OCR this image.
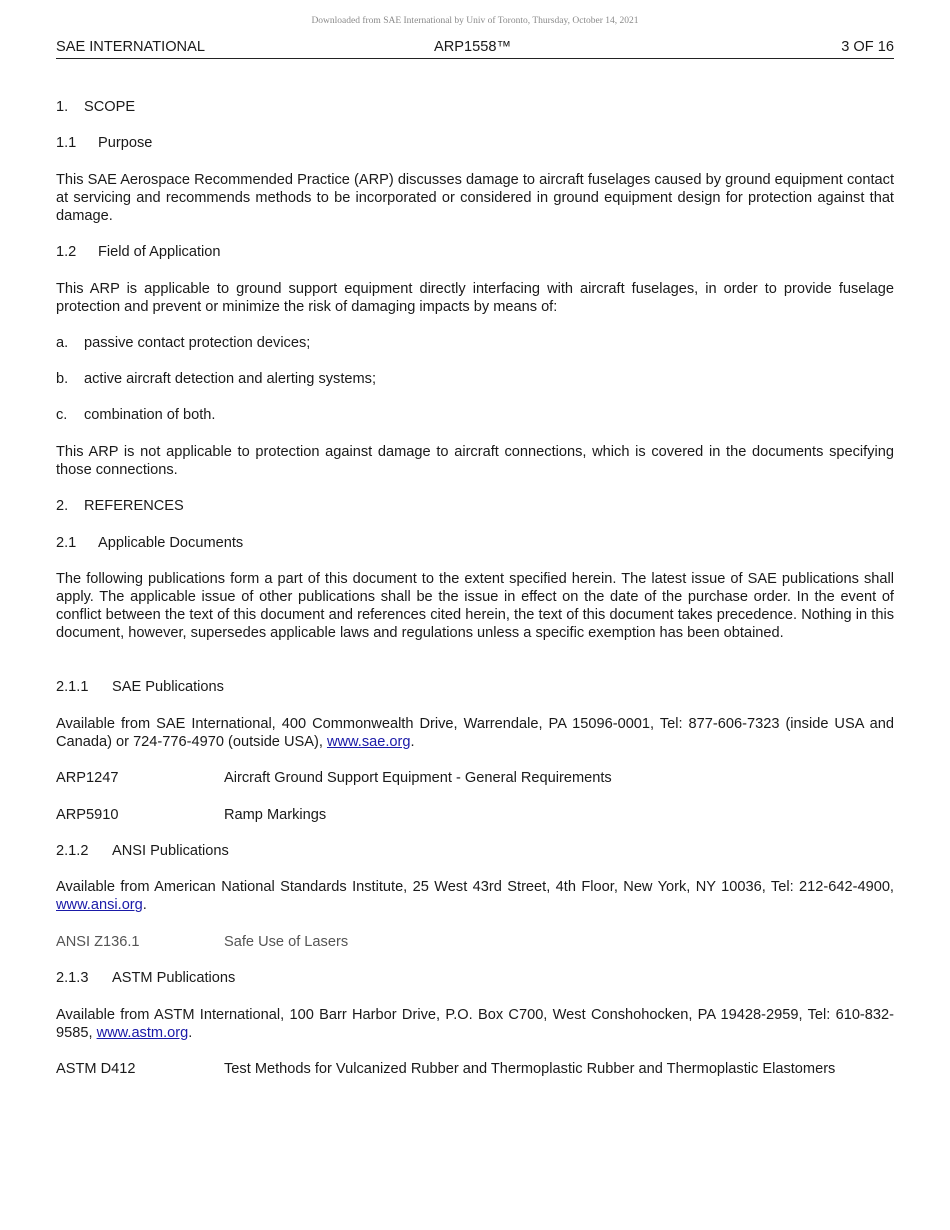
Downloaded from SAE International by Univ of Toronto, Thursday, October 14, 2021
SAE INTERNATIONAL	ARP1558™	3 OF 16
1. SCOPE
1.1 Purpose

This SAE Aerospace Recommended Practice (ARP) discusses damage to aircraft fuselages caused by ground equipment contact at servicing and recommends methods to be incorporated or considered in ground equipment design for protection against that damage.

1.2 Field of Application

This ARP is applicable to ground support equipment directly interfacing with aircraft fuselages, in order to provide fuselage protection and prevent or minimize the risk of damaging impacts by means of:

a. passive contact protection devices;
b. active aircraft detection and alerting systems;
c. combination of both.

This ARP is not applicable to protection against damage to aircraft connections, which is covered in the documents specifying those connections.

2. REFERENCES
2.1 Applicable Documents

The following publications form a part of this document to the extent specified herein. The latest issue of SAE publications shall apply. The applicable issue of other publications shall be the issue in effect on the date of the purchase order. In the event of conflict between the text of this document and references cited herein, the text of this document takes precedence. Nothing in this document, however, supersedes applicable laws and regulations unless a specific exemption has been obtained.

2.1.1 SAE Publications

Available from SAE International, 400 Commonwealth Drive, Warrendale, PA 15096-0001, Tel: 877-606-7323 (inside USA and Canada) or 724-776-4970 (outside USA), www.sae.org.

ARP1247	Aircraft Ground Support Equipment - General Requirements
ARP5910	Ramp Markings
2.1.2 ANSI Publications

Available from American National Standards Institute, 25 West 43rd Street, 4th Floor, New York, NY 10036, Tel: 212-642-4900, www.ansi.org.

ANSI Z136.1	Safe Use of Lasers
2.1.3 ASTM Publications

Available from ASTM International, 100 Barr Harbor Drive, P.O. Box C700, West Conshohocken, PA 19428-2959, Tel: 610-832-9585, www.astm.org.

ASTM D412	Test Methods for Vulcanized Rubber and Thermoplastic Rubber and Thermoplastic Elastomers
